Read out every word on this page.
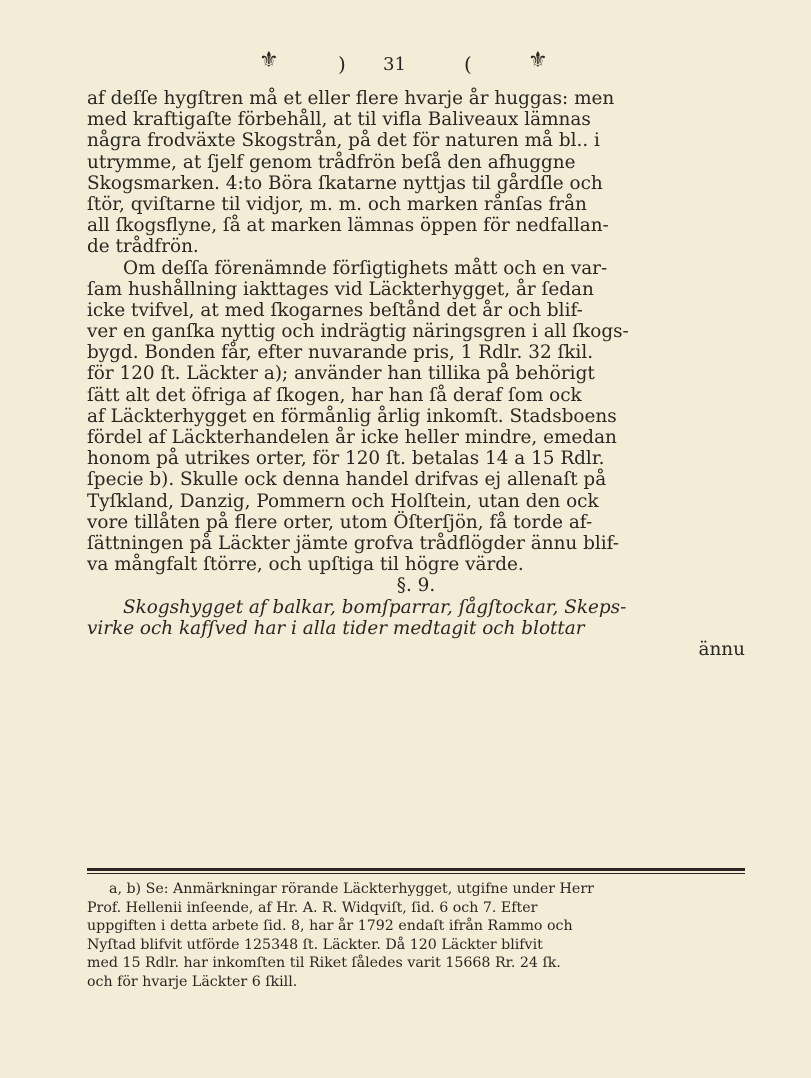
⚜	) 31	(	⚜
af deſſe hygſtren må et eller flere hvarje år huggas: men
med kraftigaſte förbehåll, at til vifla Baliveaux lämnas
några frodväxte Skogstrån, på det för naturen må bl.. i
utrymme, at ſjelf genom trådfrön beſå den afhuggne
Skogsmarken. 4:to Böra ſkatarne nyttjas til gårdſle och
ſtör, qviſtarne til vidjor, m. m. och marken rånſas från
all ſkogsflyne, ſå at marken lämnas öppen för nedfallan-
de trådfrön.
Om deſſa förenämnde förſigtighets mått och en var-
ſam hushållning iakttages vid Läckterhygget, år ſedan
icke tvifvel, at med ſkogarnes beſtånd det år och blif-
ver en ganſka nyttig och indrägtig näringsgren i all ſkogs-
bygd. Bonden får, efter nuvarande pris, 1 Rdlr. 32 ſkil.
för 120 ſt. Läckter a); använder han tillika på behörigt
ſätt alt det öfriga af ſkogen, har han ſå deraf ſom ock
af Läckterhygget en förmånlig årlig inkomſt. Stadsboens
fördel af Läckterhandelen år icke heller mindre, emedan
honom på utrikes orter, för 120 ſt. betalas 14 a 15 Rdlr.
ſpecie b). Skulle ock denna handel drifvas ej allenaſt på
Tyſkland, Danzig, Pommern och Holſtein, utan den ock
vore tillåten på flere orter, utom Öſterſjön, få torde af-
ſättningen på Läckter jämte grofva trådflögder ännu blif-
va mångfalt ſtörre, och upſtiga til högre värde.
§. 9.
Skogshygget af balkar, bomſparrar, ſågſtockar, Skeps-
virke och kafſved har i alla tider medtagit och blottar
ännu
a, b) Se: Anmärkningar rörande Läckterhygget, utgifne under Herr
Prof. Hellenii inſeende, af Hr. A. R. Widqviſt, ſid. 6 och 7. Efter
uppgiften i detta arbete ſid. 8, har år 1792 endaſt ifrån Rammo och
Nyſtad blifvit utförde 125348 ſt. Läckter. Då 120 Läckter blifvit
med 15 Rdlr. har inkomſten til Riket ſåledes varit 15668 Rr. 24 ſk.
och för hvarje Läckter 6 ſkill.
